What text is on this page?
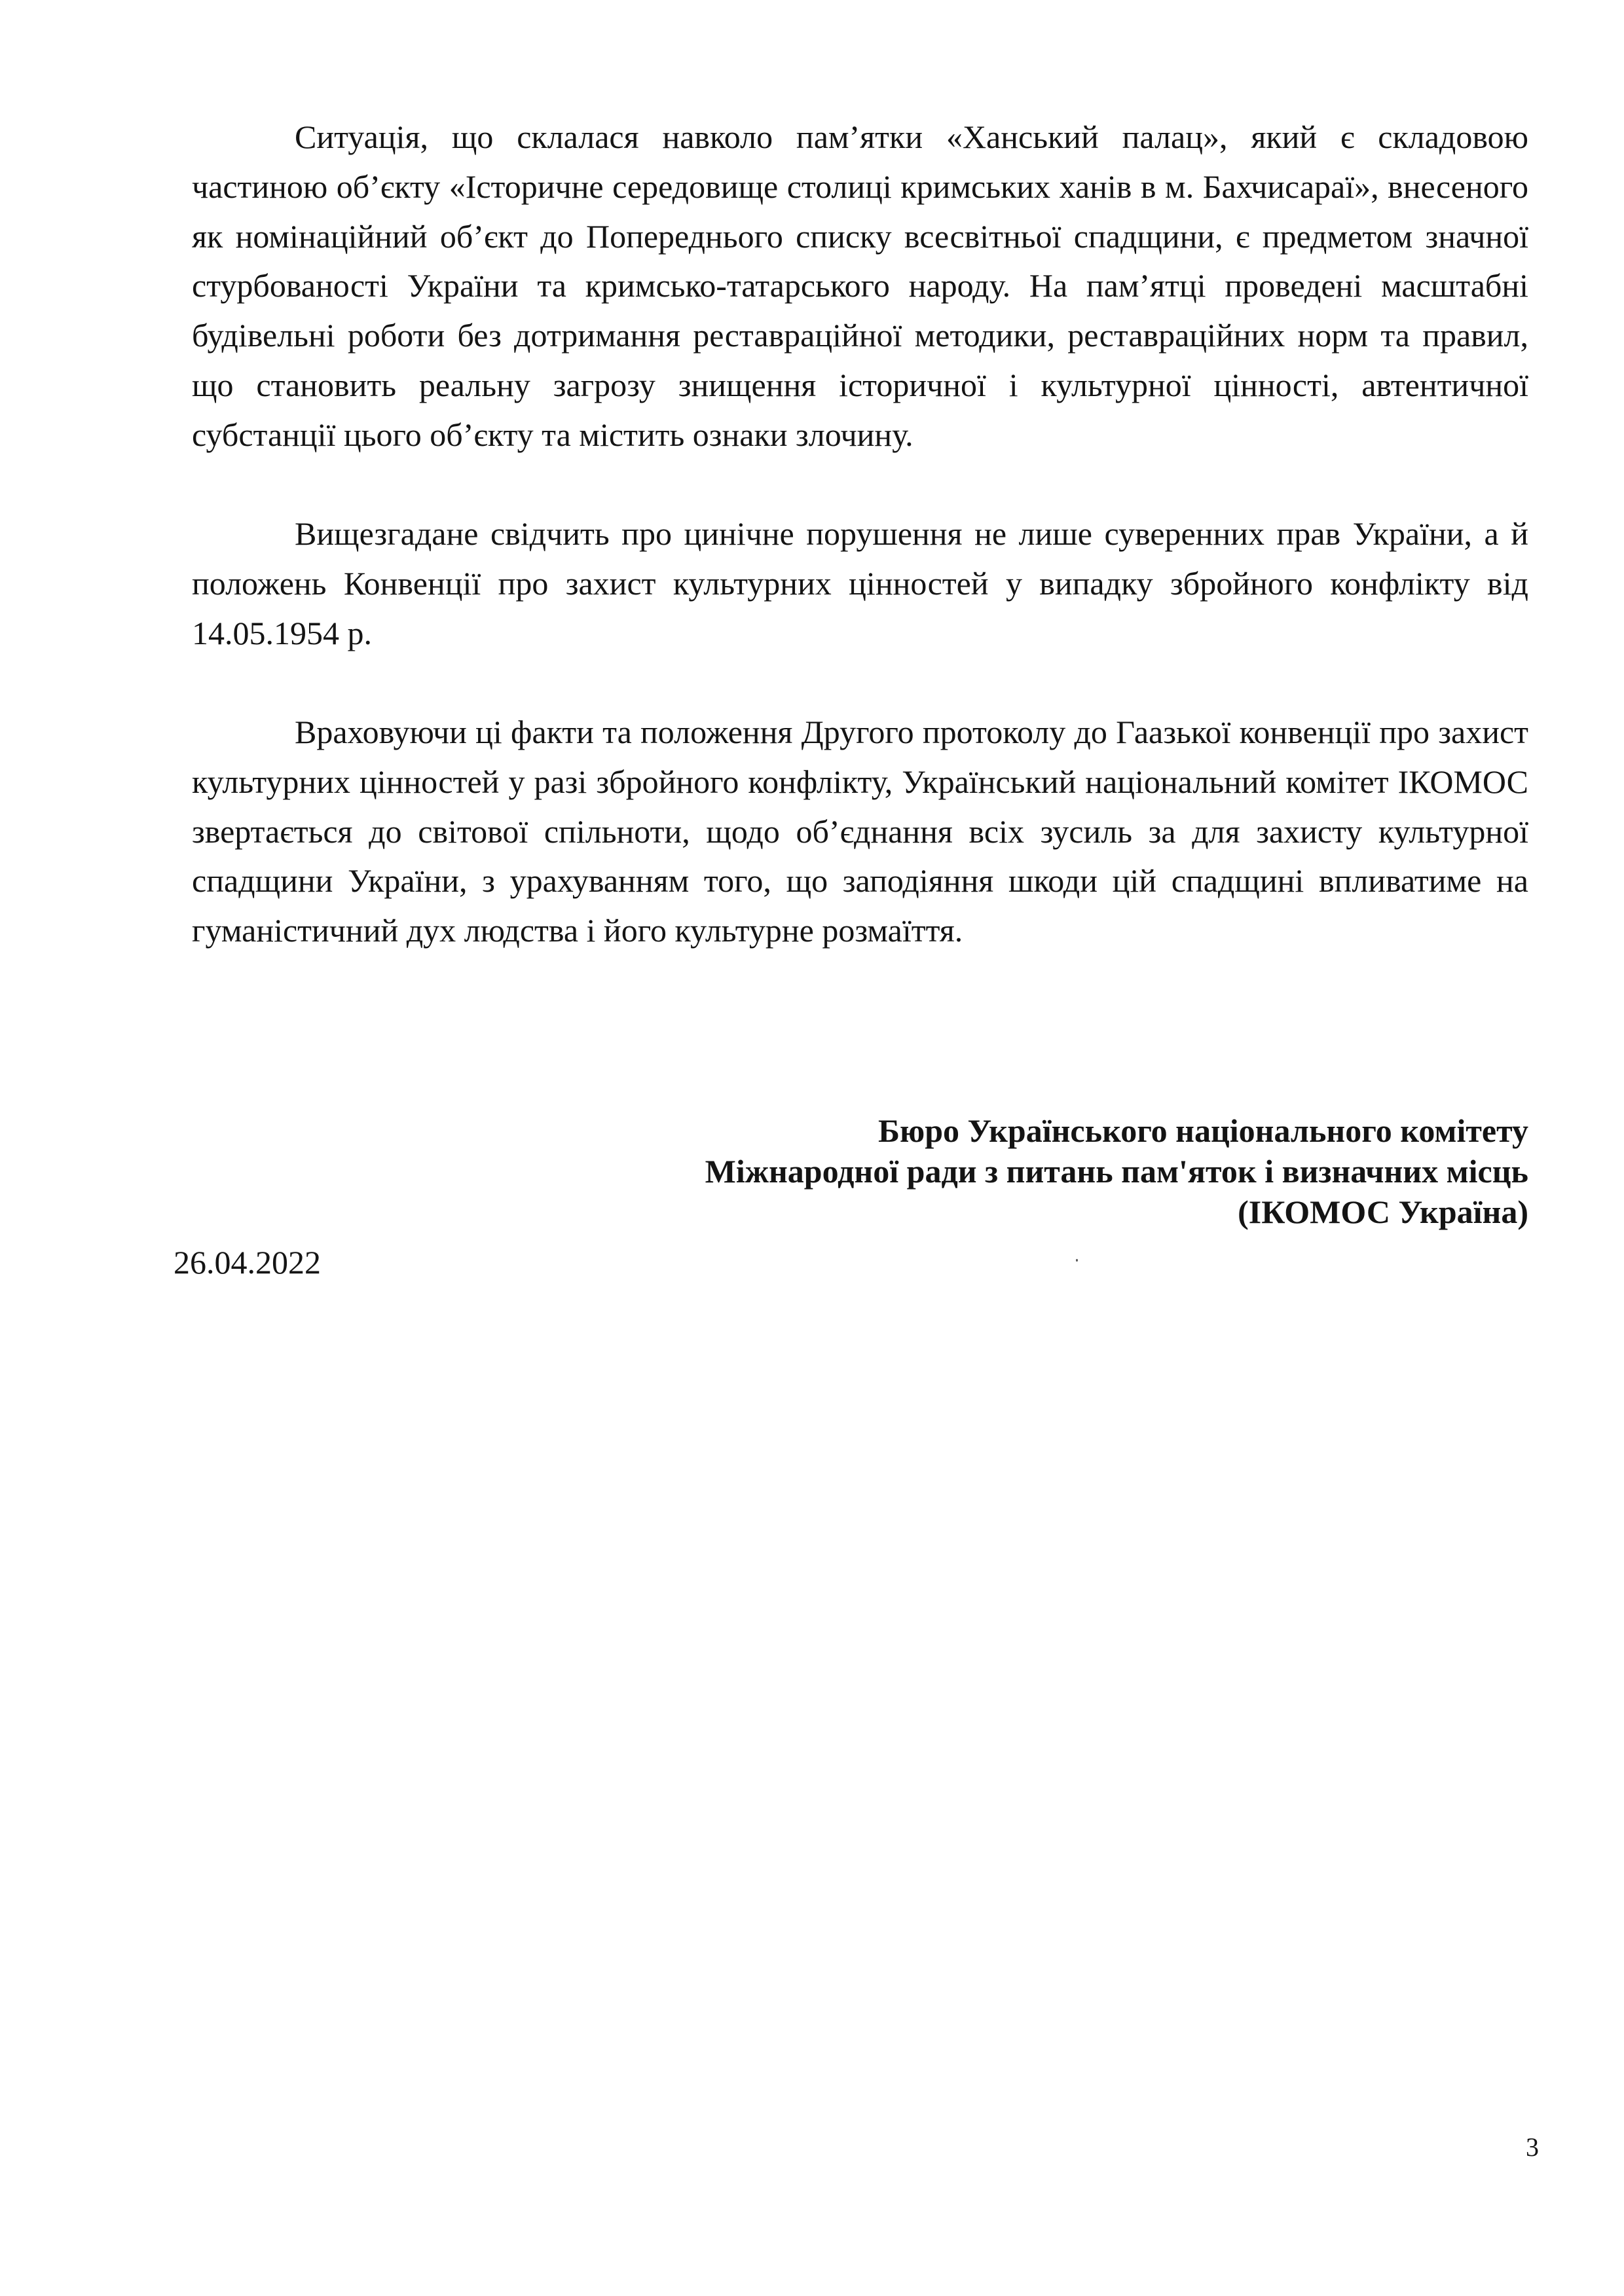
Ситуація, що склалася навколо пам’ятки «Ханський палац», який є складовою частиною об’єкту «Історичне середовище столиці кримських ханів в м. Бахчисараї», внесеного як номінаційний об’єкт до Попереднього списку всесвітньої спадщини, є предметом значної стурбованості України та кримсько-татарського народу. На пам’ятці проведені масштабні будівельні роботи без дотримання реставраційної методики, реставраційних норм та правил, що становить реальну загрозу знищення історичної і культурної цінності, автентичної субстанції цього об’єкту та містить ознаки злочину.

Вищезгадане свідчить про цинічне порушення не лише суверенних прав України, а й положень Конвенції про захист культурних цінностей у випадку збройного конфлікту від 14.05.1954 р.

Враховуючи ці факти та положення Другого протоколу до Гаазької конвенції про захист культурних цінностей у разі збройного конфлікту, Український національний комітет ІКОМОС звертається до світової спільноти, щодо об’єднання всіх зусиль за для захисту культурної спадщини України, з урахуванням того, що заподіяння шкоди цій спадщині впливатиме на гуманістичний дух людства і його культурне розмаїття.

Бюро Українського національного комітету
Міжнародної ради з питань пам'яток і визначних місць
(ІКОМОС Україна)
26.04.2022
3
